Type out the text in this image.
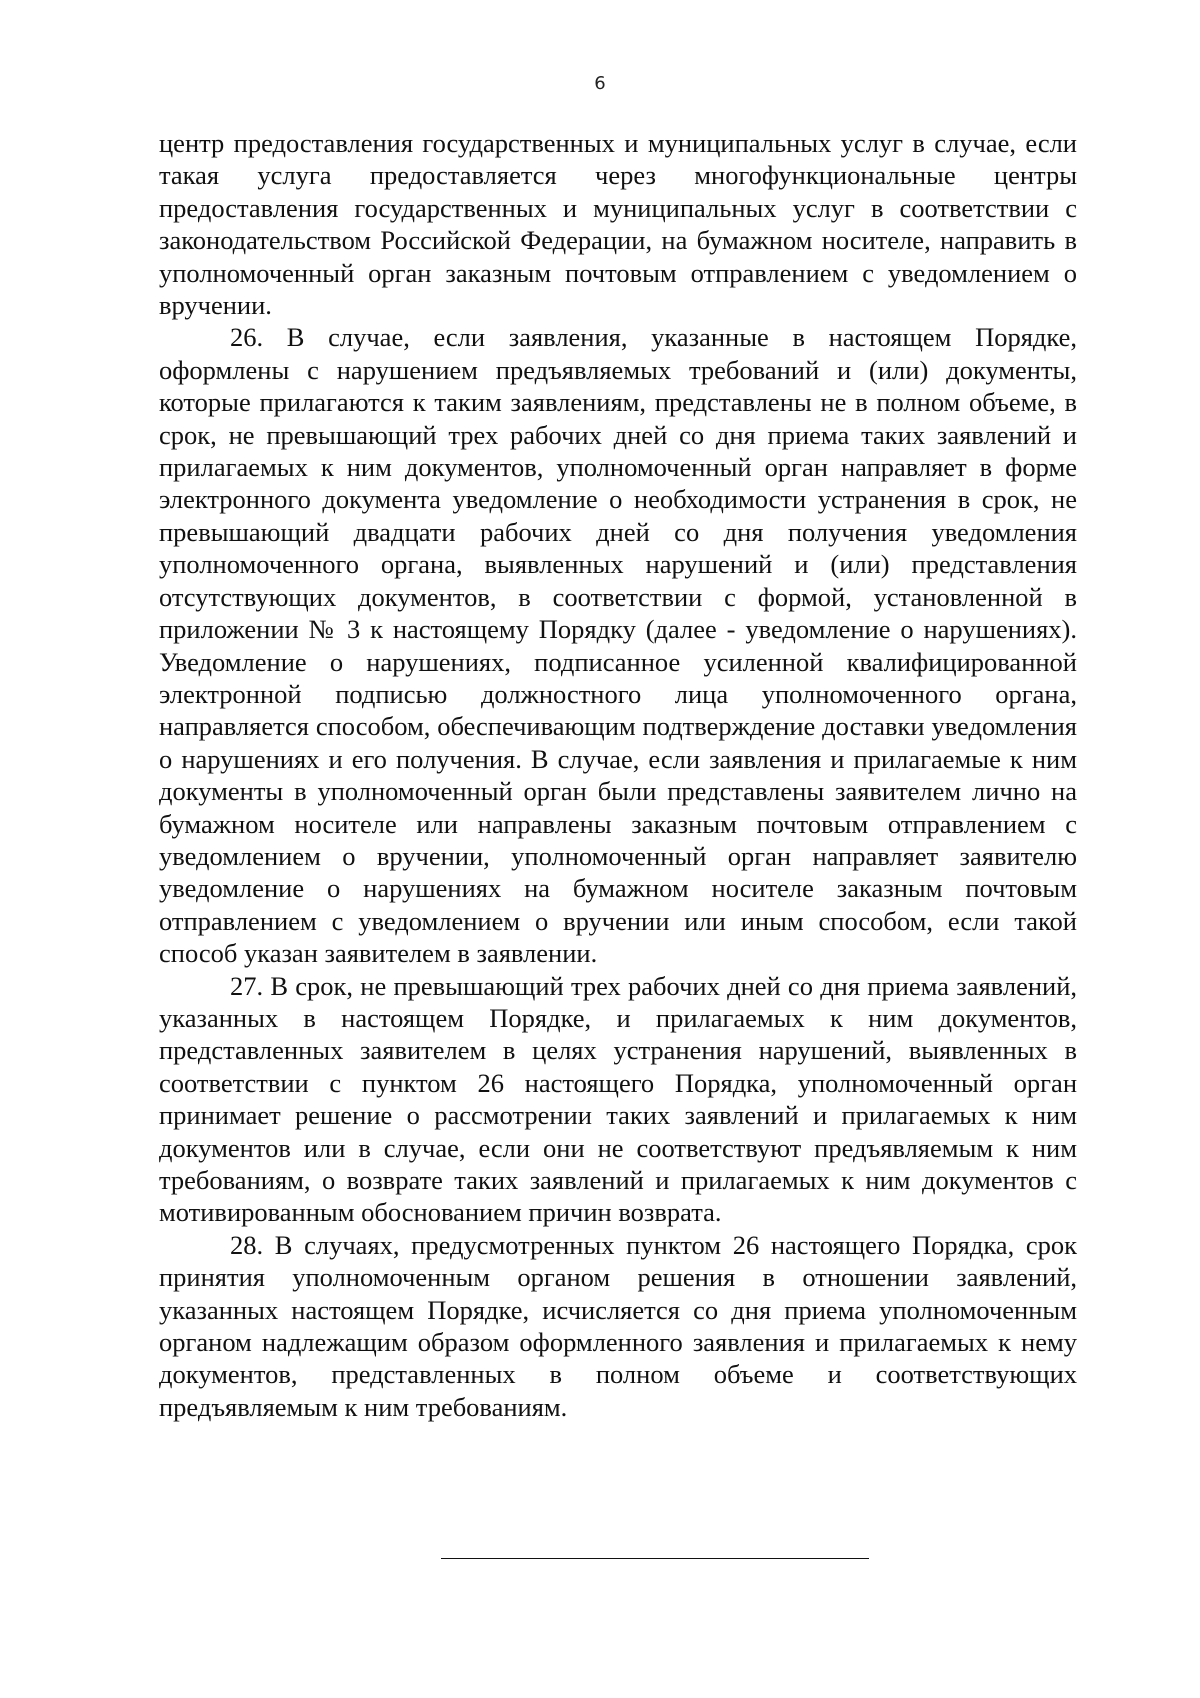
6

центр предоставления государственных и муниципальных услуг в случае, если такая услуга предоставляется через многофункциональные центры предоставления государственных и муниципальных услуг в соответствии с законодательством Российской Федерации, на бумажном носителе, направить в уполномоченный орган заказным почтовым отправлением с уведомлением о вручении.

26. В случае, если заявления, указанные в настоящем Порядке, оформлены с нарушением предъявляемых требований и (или) документы, которые прилагаются к таким заявлениям, представлены не в полном объеме, в срок, не превышающий трех рабочих дней со дня приема таких заявлений и прилагаемых к ним документов, уполномоченный орган направляет в форме электронного документа уведомление о необходимости устранения в срок, не превышающий двадцати рабочих дней со дня получения уведомления уполномоченного органа, выявленных нарушений и (или) представления отсутствующих документов, в соответствии с формой, установленной в приложении № 3 к настоящему Порядку (далее - уведомление о нарушениях). Уведомление о нарушениях, подписанное усиленной квалифицированной электронной подписью должностного лица уполномоченного органа, направляется способом, обеспечивающим подтверждение доставки уведомления о нарушениях и его получения. В случае, если заявления и прилагаемые к ним документы в уполномоченный орган были представлены заявителем лично на бумажном носителе или направлены заказным почтовым отправлением с уведомлением о вручении, уполномоченный орган направляет заявителю уведомление о нарушениях на бумажном носителе заказным почтовым отправлением с уведомлением о вручении или иным способом, если такой способ указан заявителем в заявлении.

27. В срок, не превышающий трех рабочих дней со дня приема заявлений, указанных в настоящем Порядке, и прилагаемых к ним документов, представленных заявителем в целях устранения нарушений, выявленных в соответствии с пунктом 26 настоящего Порядка, уполномоченный орган принимает решение о рассмотрении таких заявлений и прилагаемых к ним документов или в случае, если они не соответствуют предъявляемым к ним требованиям, о возврате таких заявлений и прилагаемых к ним документов с мотивированным обоснованием причин возврата.

28. В случаях, предусмотренных пунктом 26 настоящего Порядка, срок принятия уполномоченным органом решения в отношении заявлений, указанных настоящем Порядке, исчисляется со дня приема уполномоченным органом надлежащим образом оформленного заявления и прилагаемых к нему документов, представленных в полном объеме и соответствующих предъявляемым к ним требованиям.
